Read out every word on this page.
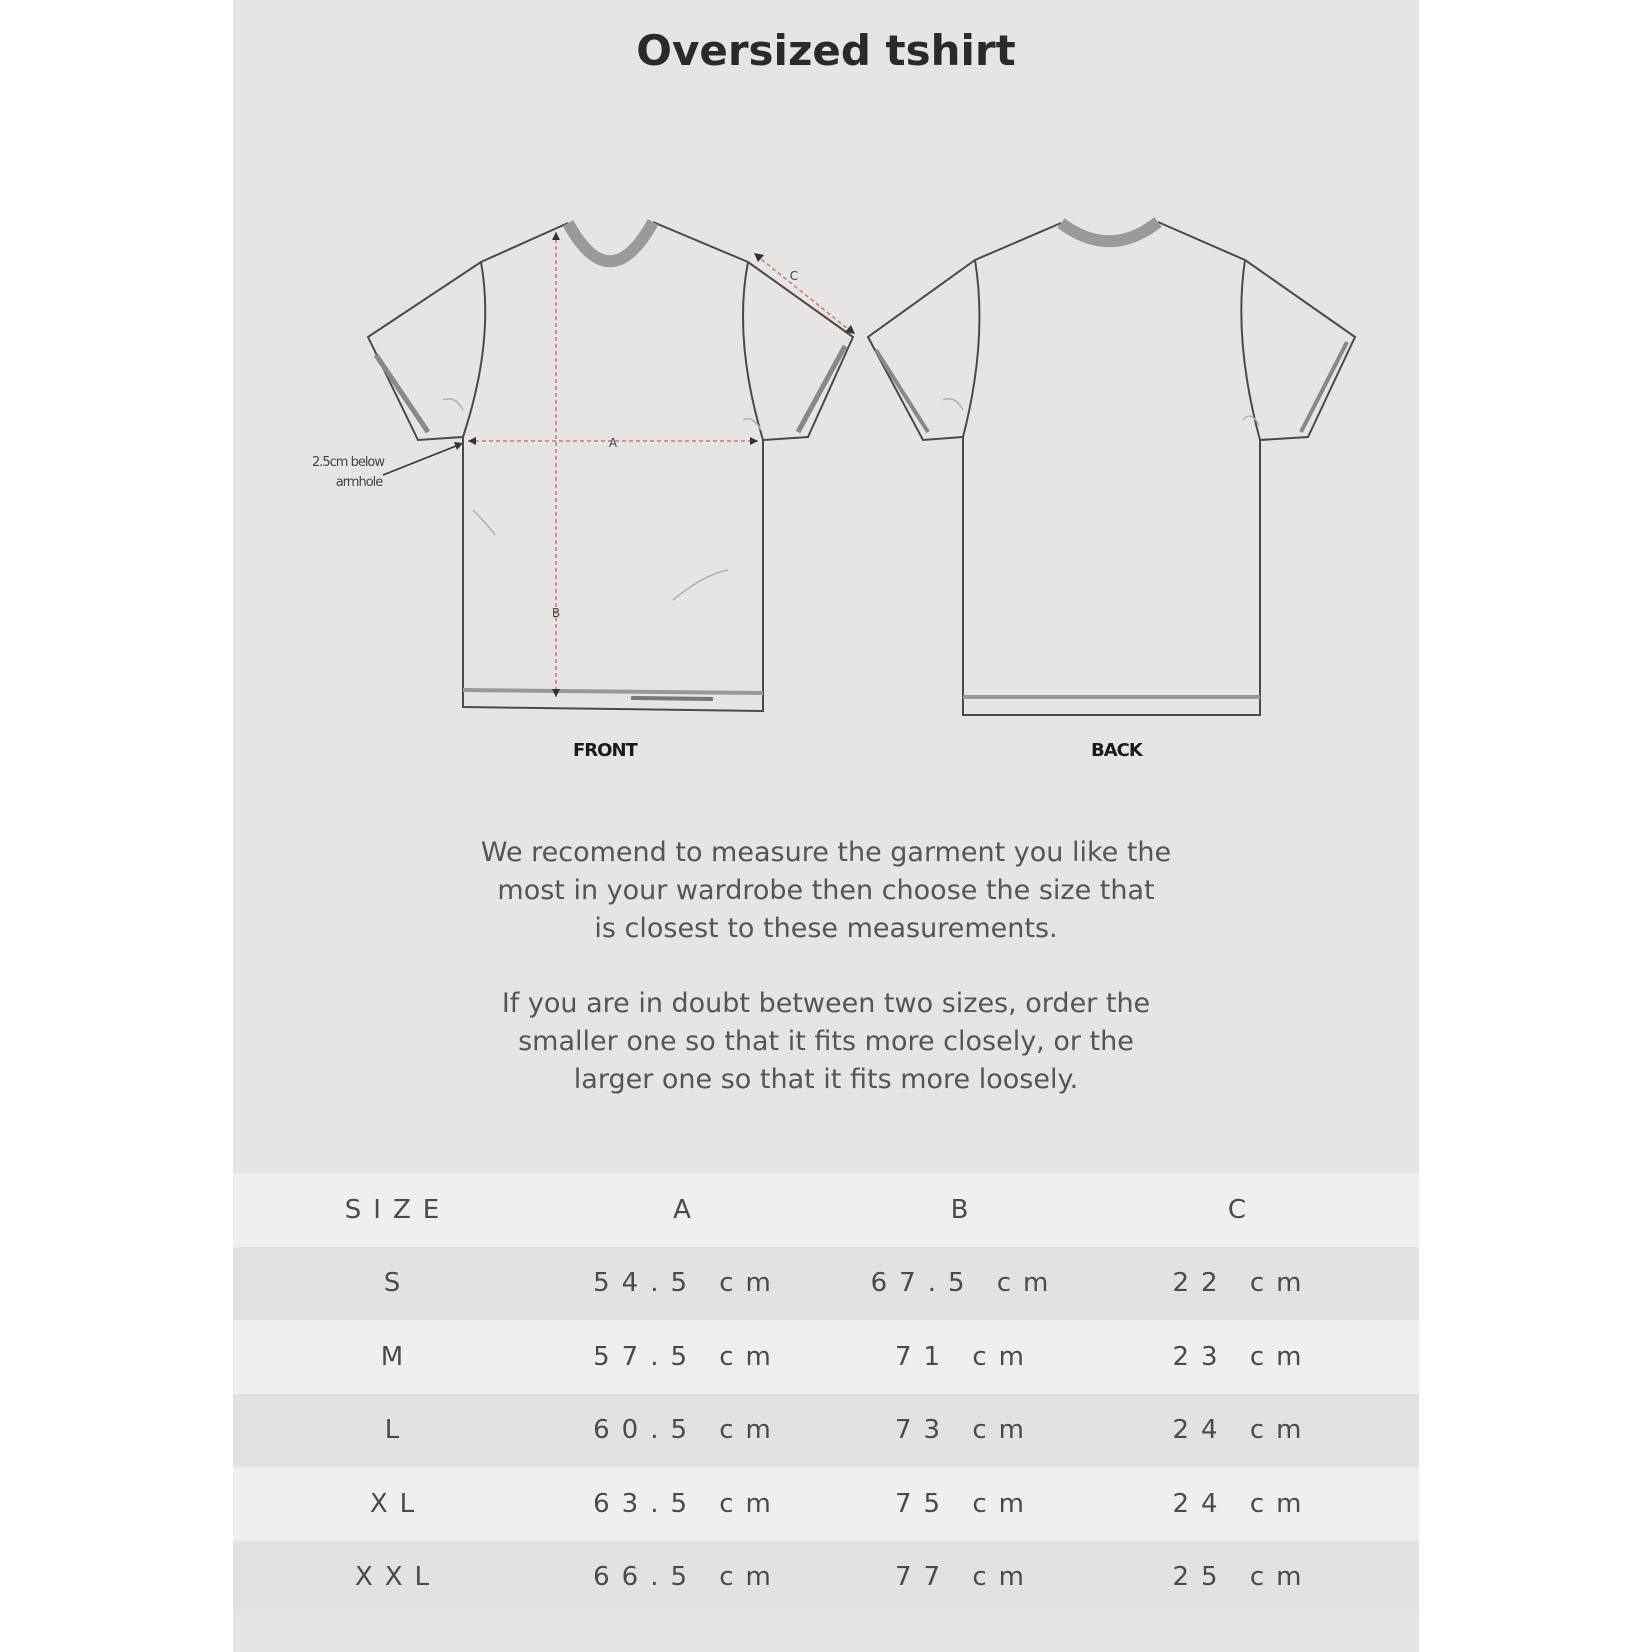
Oversized tshirt
A
B
C
2.5cm below
armhole
FRONT	BACK
We recomend to measure the garment you like the
most in your wardrobe then choose the size that
is closest to these measurements.
If you are in doubt between two sizes, order the
smaller one so that it fits more closely, or the
larger one so that it fits more loosely.
SIZE	A	B	C
S	54.5 cm	67.5 cm	22 cm
M	57.5 cm	71 cm	23 cm
L	60.5 cm	73 cm	24 cm
XL	63.5 cm	75 cm	24 cm
XXL	66.5 cm	77 cm	25 cm
